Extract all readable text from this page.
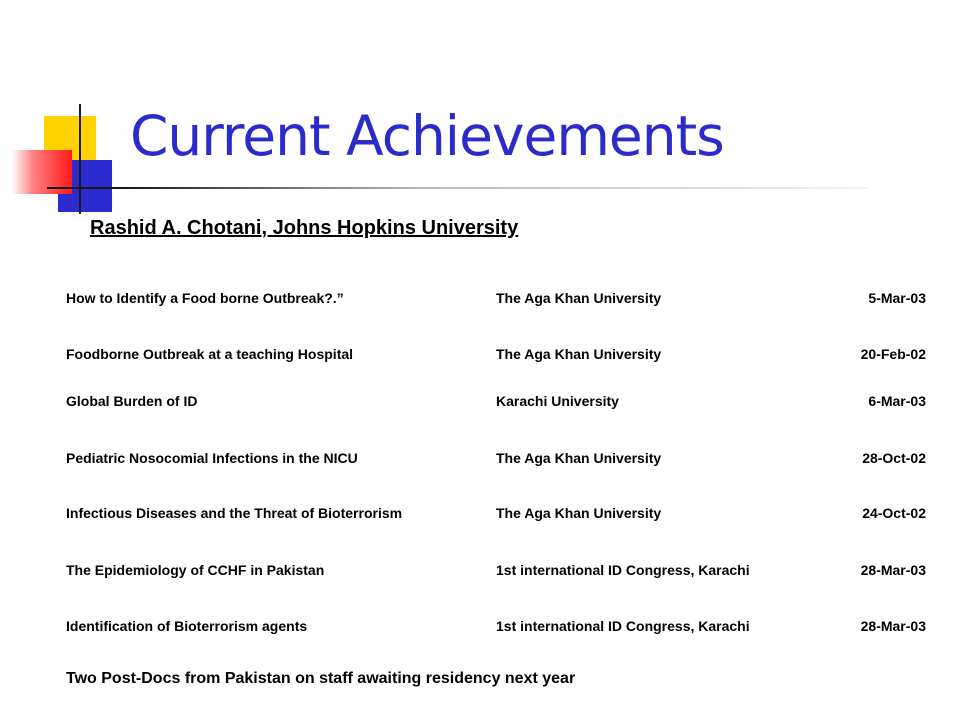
Current Achievements
Rashid A. Chotani, Johns Hopkins University
How to Identify a Food borne Outbreak?.”	The Aga Khan University	5-Mar-03
Foodborne Outbreak at a teaching Hospital	The Aga Khan University	20-Feb-02
Global Burden of ID	Karachi University	6-Mar-03
Pediatric Nosocomial Infections in the NICU	The Aga Khan University	28-Oct-02
Infectious Diseases and the Threat of Bioterrorism	The Aga Khan University	24-Oct-02
The Epidemiology of CCHF in Pakistan	1st international ID Congress, Karachi	28-Mar-03
Identification of Bioterrorism agents	1st international ID Congress, Karachi	28-Mar-03
Two Post-Docs from Pakistan on staff awaiting residency next year
